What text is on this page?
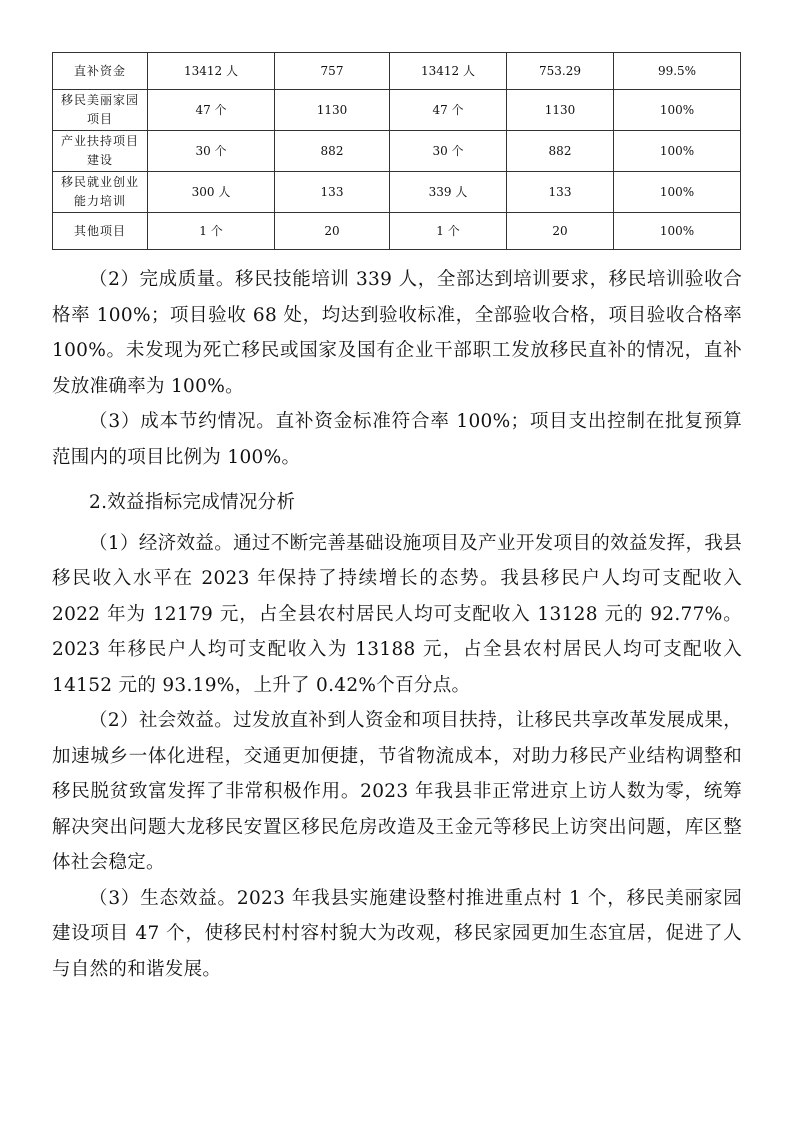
直补资金	13412 人	757	13412 人	753.29	99.5%
移民美丽家园项目	47 个	1130	47 个	1130	100%
产业扶持项目建设	30 个	882	30 个	882	100%
移民就业创业能力培训	300 人	133	339 人	133	100%
其他项目	1 个	20	1 个	20	100%

（2）完成质量。移民技能培训 339 人，全部达到培训要求，移民培训验收合格率 100%；项目验收 68 处，均达到验收标准，全部验收合格，项目验收合格率 100%。未发现为死亡移民或国家及国有企业干部职工发放移民直补的情况，直补发放准确率为 100%。

（3）成本节约情况。直补资金标准符合率 100%；项目支出控制在批复预算范围内的项目比例为 100%。

2.效益指标完成情况分析

（1）经济效益。通过不断完善基础设施项目及产业开发项目的效益发挥，我县移民收入水平在 2023 年保持了持续增长的态势。我县移民户人均可支配收入 2022 年为 12179 元，占全县农村居民人均可支配收入 13128 元的 92.77%。2023 年移民户人均可支配收入为 13188 元，占全县农村居民人均可支配收入 14152 元的 93.19%，上升了 0.42%个百分点。

（2）社会效益。过发放直补到人资金和项目扶持，让移民共享改革发展成果，加速城乡一体化进程，交通更加便捷，节省物流成本，对助力移民产业结构调整和移民脱贫致富发挥了非常积极作用。2023 年我县非正常进京上访人数为零，统筹解决突出问题大龙移民安置区移民危房改造及王金元等移民上访突出问题，库区整体社会稳定。

（3）生态效益。2023 年我县实施建设整村推进重点村 1 个，移民美丽家园建设项目 47 个，使移民村村容村貌大为改观，移民家园更加生态宜居，促进了人与自然的和谐发展。
